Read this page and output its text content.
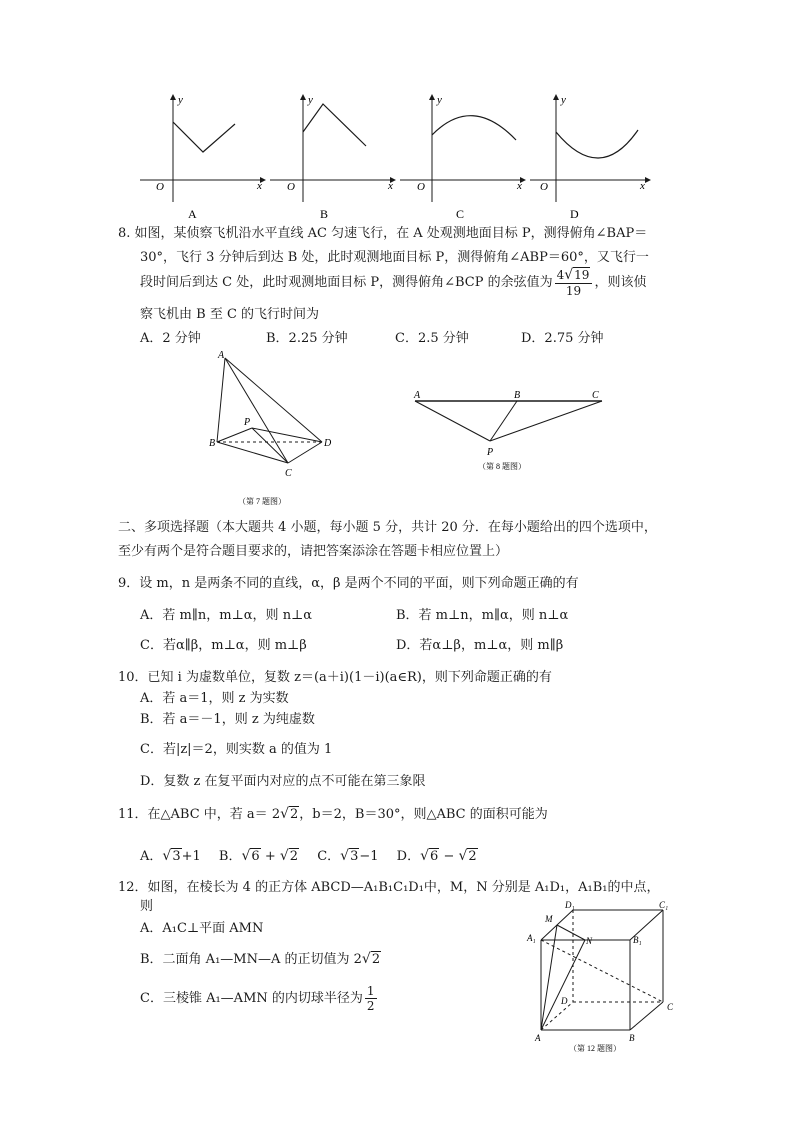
O	x
y
A
O	x
y
B
O	x
y
C
O	x
y
D
8. 如图，某侦察飞机沿水平直线 AC 匀速飞行，在 A 处观测地面目标 P，测得俯角∠BAP＝
30°，飞行 3 分钟后到达 B 处，此时观测地面目标 P，测得俯角∠ABP＝60°，又飞行一
段时间后到达 C 处，此时观测地面目标 P，测得俯角∠BCP 的余弦值为 $\frac{4√19}{19}$ ，则该侦
察飞机由 B 至 C 的飞行时间为
A．2 分钟	B．2.25 分钟	C．2.5 分钟	D．2.75 分钟
A
B
C
D
P
（第 7 题图）
A	B	C
P
（第 8 题图）
二、多项选择题（本大题共 4 小题，每小题 5 分，共计 20 分．在每小题给出的四个选项中，
至少有两个是符合题目要求的，请把答案添涂在答题卡相应位置上）
9．设 m，n 是两条不同的直线，α，β 是两个不同的平面，则下列命题正确的有
A．若 m∥n，m⊥α，则 n⊥α	B．若 m⊥n，m∥α，则 n⊥α
C．若α∥β，m⊥α，则 m⊥β	D．若α⊥β，m⊥α，则 m∥β
10．已知 i 为虚数单位，复数 z＝(a＋i)(1－i)(a∈R)，则下列命题正确的有
A．若 a＝1，则 z 为实数
B．若 a＝－1，则 z 为纯虚数
C．若|z|＝2，则实数 a 的值为 1
D．复数 z 在复平面内对应的点不可能在第三象限
11．在△ABC 中，若 a＝ 2√2，b＝2，B＝30°，则△ABC 的面积可能为
A．√3+1 B．√6 + √2 C．√3−1 D．√6 − √2
12．如图，在棱长为 4 的正方体 ABCD—A₁B₁C₁D₁中，M，N 分别是 A₁D₁，A₁B₁的中点，
则
A．A₁C⊥平面 AMN
B．二面角 A₁—MN—A 的正切值为 2√2
C．三棱锥 A₁—AMN 的内切球半径为 $\frac{1}{2}$
M
D₁	C₁
A₁	N	B₁
D
C
A	B
（第 12 题图）
